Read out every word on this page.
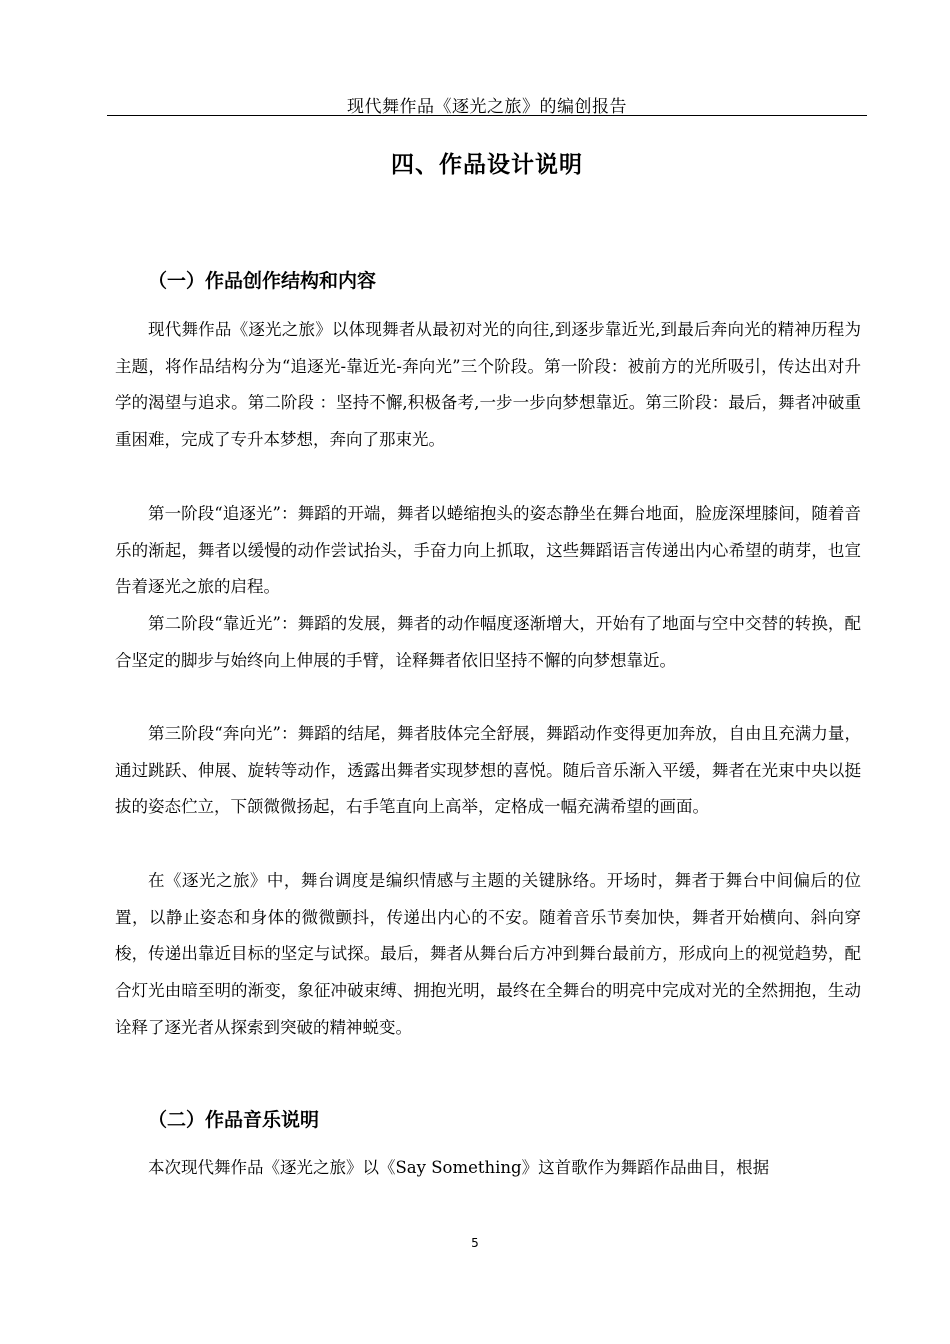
现代舞作品《逐光之旅》的编创报告
四、作品设计说明
（一）作品创作结构和内容

现代舞作品《逐光之旅》以体现舞者从最初对光的向往,到逐步靠近光,到最后奔向光的精神历程为主题，将作品结构分为“追逐光-靠近光-奔向光”三个阶段。第一阶段：被前方的光所吸引，传达出对升学的渴望与追求。第二阶段 ：坚持不懈,积极备考,一步一步向梦想靠近。第三阶段：最后，舞者冲破重重困难，完成了专升本梦想，奔向了那束光。

第一阶段“追逐光”：舞蹈的开端，舞者以蜷缩抱头的姿态静坐在舞台地面，脸庞深埋膝间，随着音乐的渐起，舞者以缓慢的动作尝试抬头，手奋力向上抓取，这些舞蹈语言传递出内心希望的萌芽，也宣告着逐光之旅的启程。

第二阶段“靠近光”：舞蹈的发展，舞者的动作幅度逐渐增大，开始有了地面与空中交替的转换，配合坚定的脚步与始终向上伸展的手臂，诠释舞者依旧坚持不懈的向梦想靠近。

第三阶段“奔向光”：舞蹈的结尾，舞者肢体完全舒展，舞蹈动作变得更加奔放，自由且充满力量，通过跳跃、伸展、旋转等动作，透露出舞者实现梦想的喜悦。随后音乐渐入平缓，舞者在光束中央以挺拔的姿态伫立，下颌微微扬起，右手笔直向上高举，定格成一幅充满希望的画面。

在《逐光之旅》中，舞台调度是编织情感与主题的关键脉络。开场时，舞者于舞台中间偏后的位置，以静止姿态和身体的微微颤抖，传递出内心的不安。随着音乐节奏加快，舞者开始横向、斜向穿梭，传递出靠近目标的坚定与试探。最后，舞者从舞台后方冲到舞台最前方，形成向上的视觉趋势，配合灯光由暗至明的渐变，象征冲破束缚、拥抱光明，最终在全舞台的明亮中完成对光的全然拥抱，生动诠释了逐光者从探索到突破的精神蜕变。

（二）作品音乐说明

本次现代舞作品《逐光之旅》以《Say Something》这首歌作为舞蹈作品曲目，根据

5
